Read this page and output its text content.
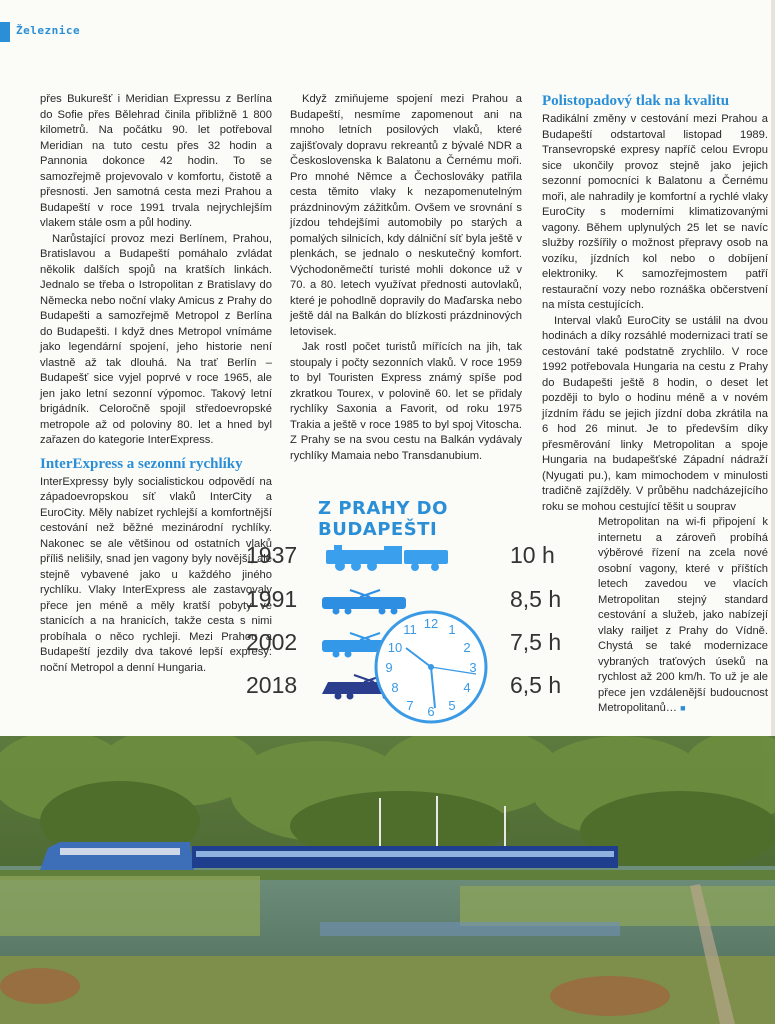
Železnice

přes Bukurešť i Meridian Expressu z Berlína do Sofie přes Bělehrad činila přibližně 1 800 kilometrů. Na počátku 90. let potřeboval Meridian na tuto cestu přes 32 hodin a Pannonia dokonce 42 hodin. To se samozřejmě projevovalo v komfortu, čistotě a přesnosti. Jen samotná cesta mezi Prahou a Budapeští v roce 1991 trvala nejrychlejším vlakem stále osm a půl hodiny.

Narůstající provoz mezi Berlínem, Prahou, Bratislavou a Budapeští pomáhalo zvládat několik dalších spojů na kratších linkách. Jednalo se třeba o Istropolitan z Bratislavy do Německa nebo noční vlaky Amicus z Prahy do Budapešti a samozřejmě Metropol z Berlína do Budapešti. I když dnes Metropol vnímáme jako legendární spojení, jeho historie není vlastně až tak dlouhá. Na trať Berlín – Budapešť sice vyjel poprvé v roce 1965, ale jen jako letní sezonní výpomoc. Takový letní brigádník. Celoročně spojil středoevropské metropole až od poloviny 80. let a hned byl zařazen do kategorie InterExpress.

InterExpress a sezonní rychlíky

InterExpressy byly socialistickou odpovědí na západoevropskou síť vlaků InterCity a EuroCity. Měly nabízet rychlejší a komfortnější cestování než běžné mezinárodní rychlíky. Nakonec se ale většinou od ostatních vlaků příliš nelišily, snad jen vagony byly novější, ale stejně vybavené jako u každého jiného rychlíku. Vlaky InterExpress ale zastavovaly přece jen méně a měly kratší pobyty ve stanicích a na hranicích, takže cesta s nimi probíhala o něco rychleji. Mezi Prahou a Budapeští jezdily dva takové lepší expresy: noční Metropol a denní Hungaria.

Když zmiňujeme spojení mezi Prahou a Budapeští, nesmíme zapomenout ani na mnoho letních posilových vlaků, které zajišťovaly dopravu rekreantů z bývalé NDR a Československa k Balatonu a Černému moři. Pro mnohé Němce a Čechoslováky patřila cesta těmito vlaky k nezapomenutelným prázdninovým zážitkům. Ovšem ve srovnání s jízdou tehdejšími automobily po starých a pomalých silnicích, kdy dálniční síť byla ještě v plenkách, se jednalo o neskutečný komfort. Východoněmečtí turisté mohli dokonce už v 70. a 80. letech využívat přednosti autovlaků, které je pohodlně dopravily do Maďarska nebo ještě dál na Balkán do blízkosti prázdninových letovisek.

Jak rostl počet turistů mířících na jih, tak stoupaly i počty sezonních vlaků. V roce 1959 to byl Touristen Express známý spíše pod zkratkou Tourex, v polovině 60. let se přidaly rychlíky Saxonia a Favorit, od roku 1975 Trakia a ještě v roce 1985 to byl spoj Vitoscha. Z Prahy se na svou cestu na Balkán vydávaly rychlíky Mamaia nebo Transdanubium.

Polistopadový tlak na kvalitu

Radikální změny v cestování mezi Prahou a Budapeští odstartoval listopad 1989. Transevropské expresy napříč celou Evropu sice ukončily provoz stejně jako jejich sezonní pomocníci k Balatonu a Černému moři, ale nahradily je komfortní a rychlé vlaky EuroCity s moderními klimatizovanými vagony. Během uplynulých 25 let se navíc služby rozšířily o možnost přepravy osob na vozíku, jízdních kol nebo o dobíjení elektroniky. K samozřejmostem patří restaurační vozy nebo roznáška občerstvení na místa cestujících.

Interval vlaků EuroCity se ustálil na dvou hodinách a díky rozsáhlé modernizaci tratí se cestování také podstatně zrychlilo. V roce 1992 potřebovala Hungaria na cestu z Prahy do Budapešti ještě 8 hodin, o deset let později to bylo o hodinu méně a v novém jízdním řádu se jejich jízdní doba zkrátila na 6 hod 26 minut. Je to především díky přesměrování linky Metropolitan a spoje Hungaria na budapešťské Západní nádraží (Nyugati pu.), kam mimochodem v minulosti tradičně zajížděly. V průběhu nadcházejícího roku se mohou cestující těšit u souprav

Metropolitan na wi-fi připojení k internetu a zároveň probíhá výběrové řízení na zcela nové osobní vagony, které v příštích letech zavedou ve vlacích Metropolitan stejný standard cestování a služeb, jako nabízejí vlaky railjet z Prahy do Vídně. Chystá se také modernizace vybraných traťových úseků na rychlost až 200 km/h. To už je ale přece jen vzdálenější budoucnost Metropolitanů… ■

Z PRAHY DO BUDAPEŠTI
1937
1991
2002
2018
10 h
8,5 h
7,5 h
6,5 h
12 1
2
3
4
5
6
7
8
9
10
11
